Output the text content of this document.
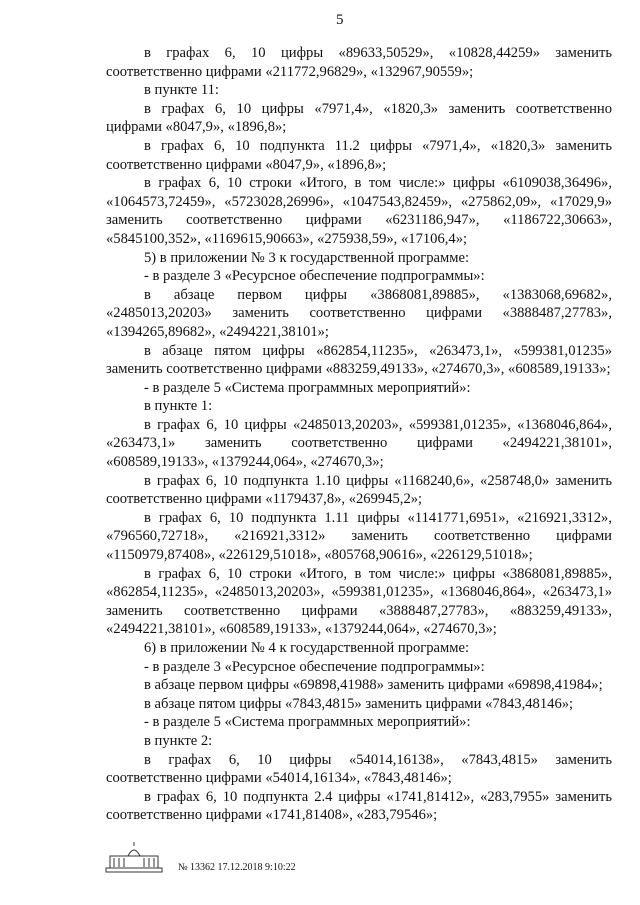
5

в графах 6, 10 цифры «89633,50529», «10828,44259» заменить соответственно цифрами «211772,96829», «132967,90559»;

в пункте 11:

в графах 6, 10 цифры «7971,4», «1820,3» заменить соответственно цифрами «8047,9», «1896,8»;

в графах 6, 10 подпункта 11.2 цифры «7971,4», «1820,3» заменить соответственно цифрами «8047,9», «1896,8»;

в графах 6, 10 строки «Итого, в том числе:» цифры «6109038,36496», «1064573,72459», «5723028,26996», «1047543,82459», «275862,09», «17029,9» заменить соответственно цифрами «6231186,947», «1186722,30663», «5845100,352», «1169615,90663», «275938,59», «17106,4»;

5) в приложении № 3 к государственной программе:

- в разделе 3 «Ресурсное обеспечение подпрограммы»:

в абзаце первом цифры «3868081,89885», «1383068,69682», «2485013,20203» заменить соответственно цифрами «3888487,27783», «1394265,89682», «2494221,38101»;

в абзаце пятом цифры «862854,11235», «263473,1», «599381,01235» заменить соответственно цифрами «883259,49133», «274670,3», «608589,19133»;

- в разделе 5 «Система программных мероприятий»:

в пункте 1:

в графах 6, 10 цифры «2485013,20203», «599381,01235», «1368046,864», «263473,1» заменить соответственно цифрами «2494221,38101», «608589,19133», «1379244,064», «274670,3»;

в графах 6, 10 подпункта 1.10 цифры «1168240,6», «258748,0» заменить соответственно цифрами «1179437,8», «269945,2»;

в графах 6, 10 подпункта 1.11 цифры «1141771,6951», «216921,3312», «796560,72718», «216921,3312» заменить соответственно цифрами «1150979,87408», «226129,51018», «805768,90616», «226129,51018»;

в графах 6, 10 строки «Итого, в том числе:» цифры «3868081,89885», «862854,11235», «2485013,20203», «599381,01235», «1368046,864», «263473,1» заменить соответственно цифрами «3888487,27783», «883259,49133», «2494221,38101», «608589,19133», «1379244,064», «274670,3»;

6) в приложении № 4 к государственной программе:

- в разделе 3 «Ресурсное обеспечение подпрограммы»:

в абзаце первом цифры «69898,41988» заменить цифрами «69898,41984»;

в абзаце пятом цифры «7843,4815» заменить цифрами «7843,48146»;

- в разделе 5 «Система программных мероприятий»:

в пункте 2:

в графах 6, 10 цифры «54014,16138», «7843,4815» заменить соответственно цифрами «54014,16134», «7843,48146»;

в графах 6, 10 подпункта 2.4 цифры «1741,81412», «283,7955» заменить соответственно цифрами «1741,81408», «283,79546»;

№ 13362 17.12.2018 9:10:22
